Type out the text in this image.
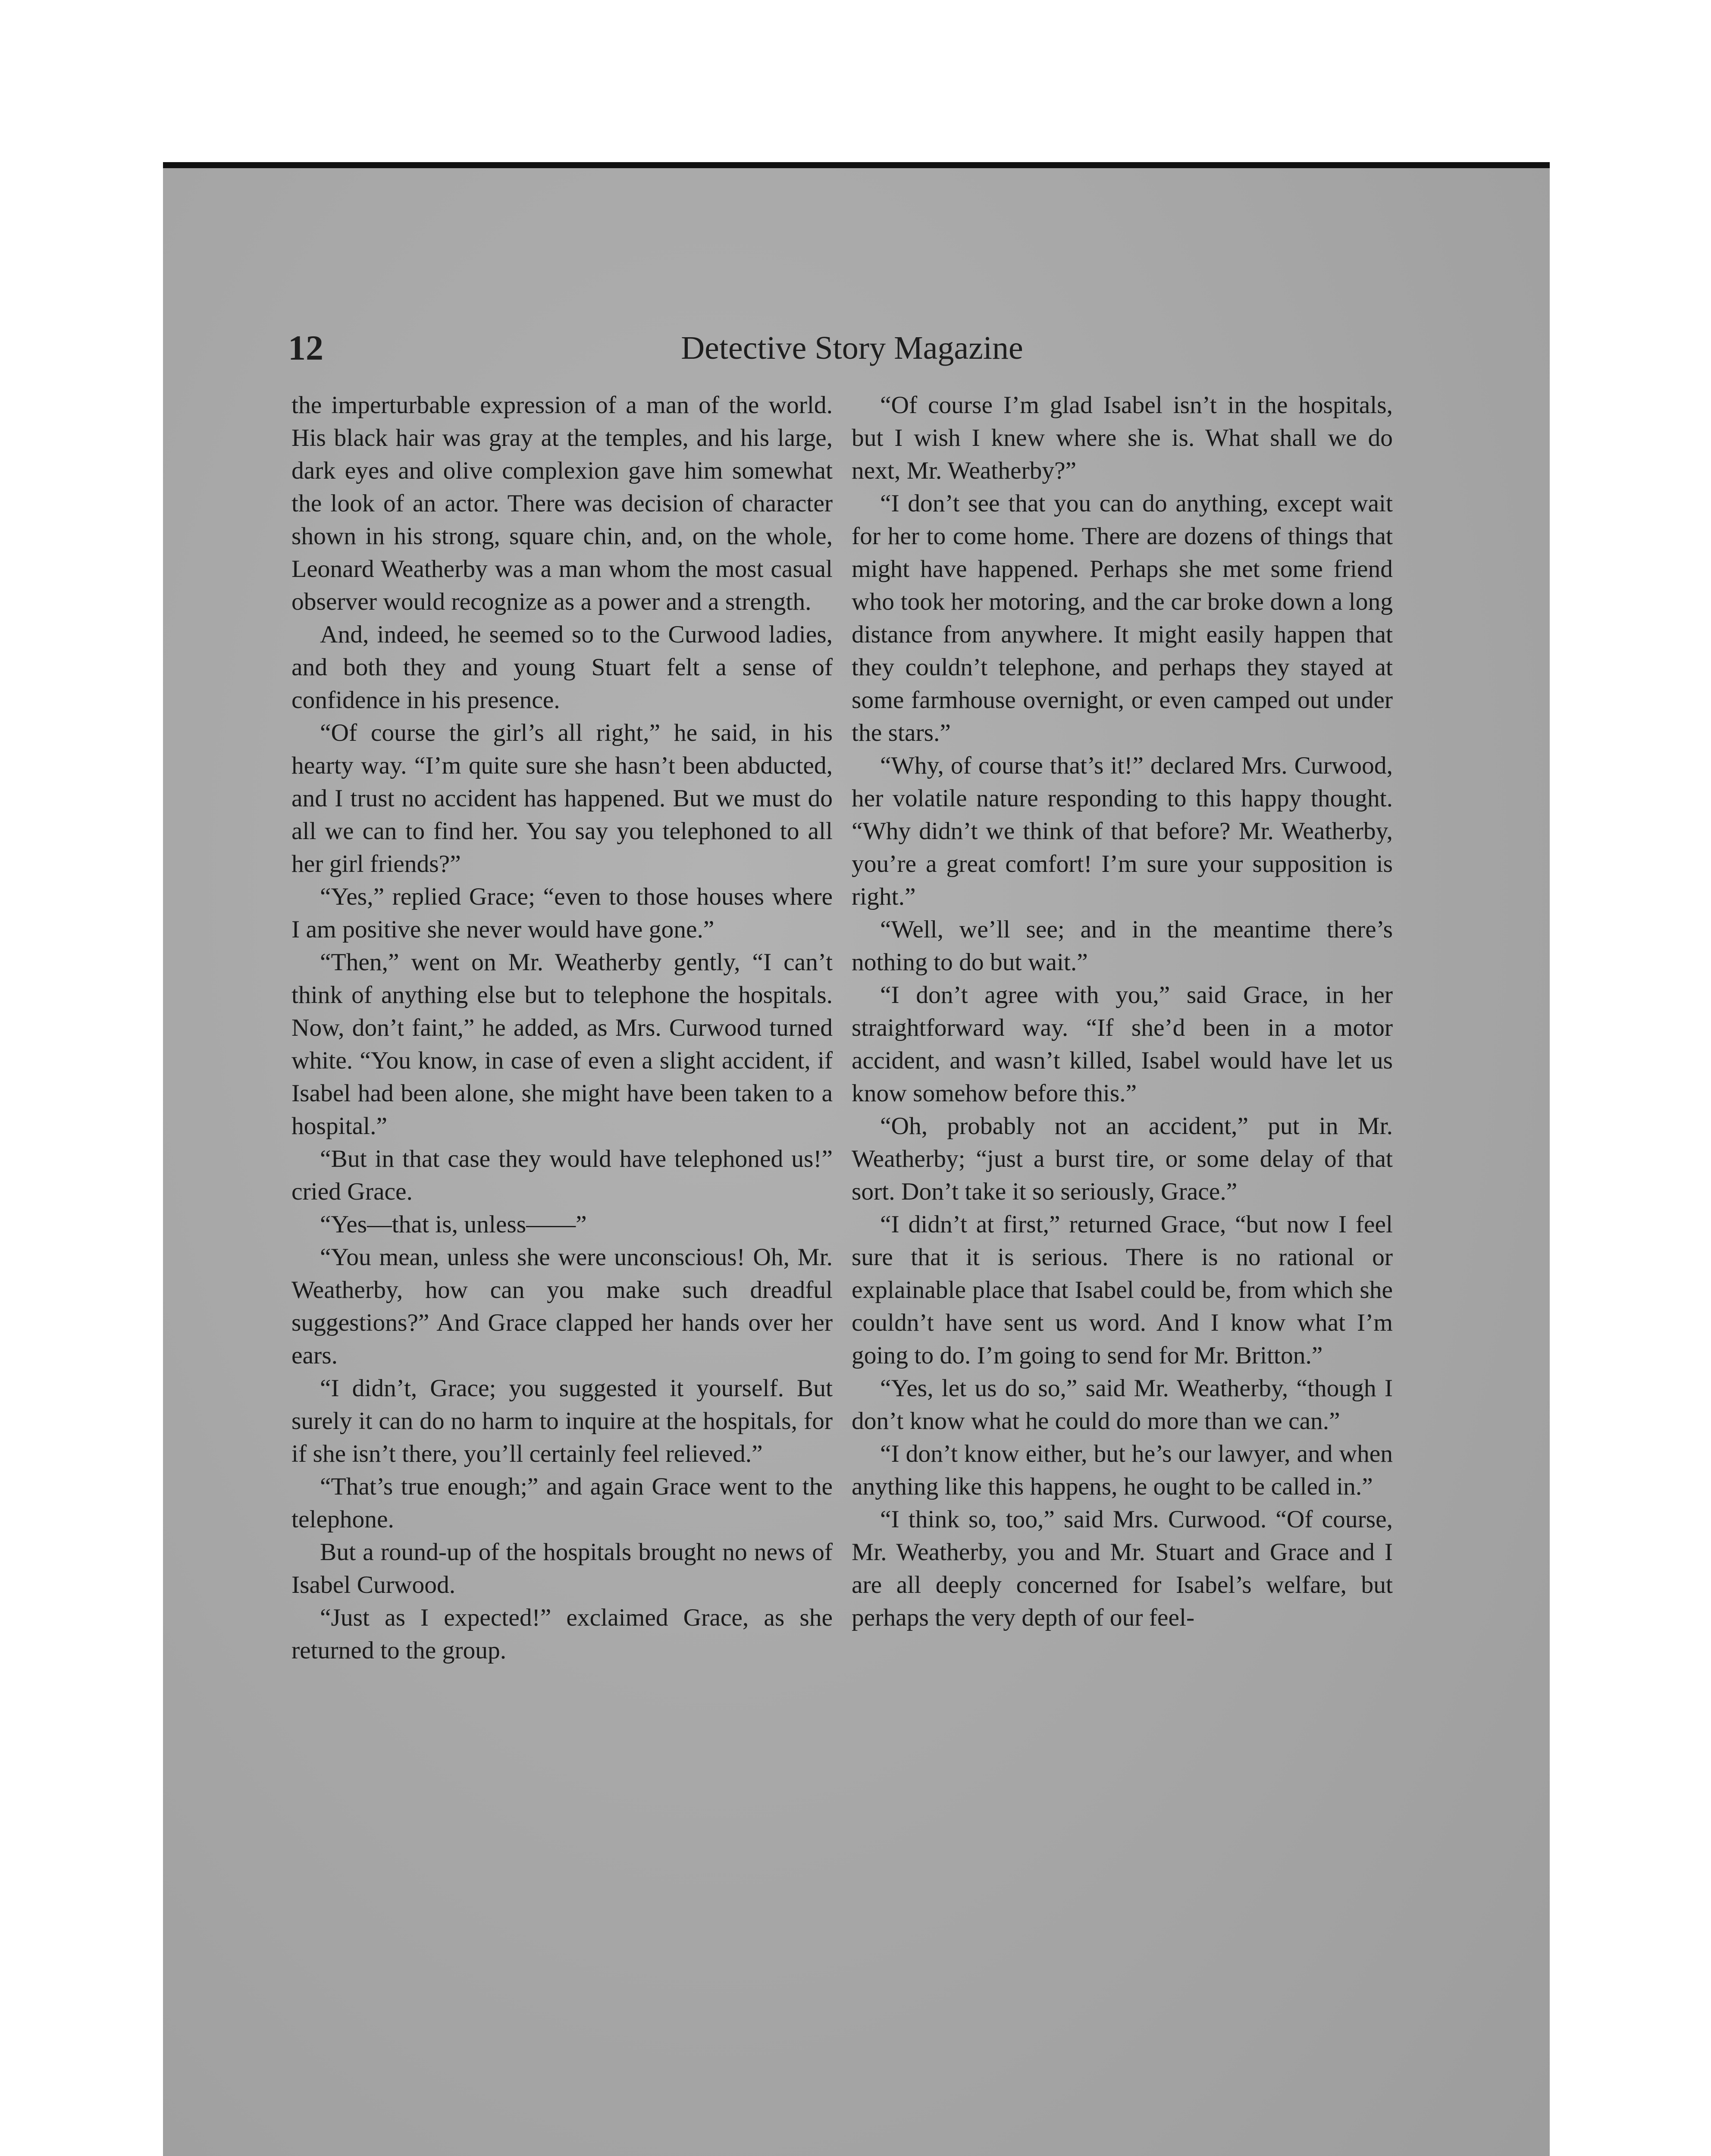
12	Detective Story Magazine

the imperturbable expression of a man of the world. His black hair was gray at the temples, and his large, dark eyes and olive complexion gave him somewhat the look of an actor. There was decision of character shown in his strong, square chin, and, on the whole, Leonard Weatherby was a man whom the most casual observer would recognize as a power and a strength.

And, indeed, he seemed so to the Curwood ladies, and both they and young Stuart felt a sense of confidence in his presence.

“Of course the girl’s all right,” he said, in his hearty way. “I’m quite sure she hasn’t been abducted, and I trust no accident has happened. But we must do all we can to find her. You say you telephoned to all her girl friends?”

“Yes,” replied Grace; “even to those houses where I am positive she never would have gone.”

“Then,” went on Mr. Weatherby gently, “I can’t think of anything else but to telephone the hospitals. Now, don’t faint,” he added, as Mrs. Curwood turned white. “You know, in case of even a slight accident, if Isabel had been alone, she might have been taken to a hospital.”

“But in that case they would have telephoned us!” cried Grace.

“Yes—that is, unless——”

“You mean, unless she were unconscious! Oh, Mr. Weatherby, how can you make such dreadful suggestions?” And Grace clapped her hands over her ears.

“I didn’t, Grace; you suggested it yourself. But surely it can do no harm to inquire at the hospitals, for if she isn’t there, you’ll certainly feel relieved.”

“That’s true enough;” and again Grace went to the telephone.

But a round-up of the hospitals brought no news of Isabel Curwood.

“Just as I expected!” exclaimed Grace, as she returned to the group.

“Of course I’m glad Isabel isn’t in the hospitals, but I wish I knew where she is. What shall we do next, Mr. Weatherby?”

“I don’t see that you can do anything, except wait for her to come home. There are dozens of things that might have happened. Perhaps she met some friend who took her motoring, and the car broke down a long distance from anywhere. It might easily happen that they couldn’t telephone, and perhaps they stayed at some farmhouse overnight, or even camped out under the stars.”

“Why, of course that’s it!” declared Mrs. Curwood, her volatile nature responding to this happy thought. “Why didn’t we think of that before? Mr. Weatherby, you’re a great comfort! I’m sure your supposition is right.”

“Well, we’ll see; and in the meantime there’s nothing to do but wait.”

“I don’t agree with you,” said Grace, in her straightforward way. “If she’d been in a motor accident, and wasn’t killed, Isabel would have let us know somehow before this.”

“Oh, probably not an accident,” put in Mr. Weatherby; “just a burst tire, or some delay of that sort. Don’t take it so seriously, Grace.”

“I didn’t at first,” returned Grace, “but now I feel sure that it is serious. There is no rational or explainable place that Isabel could be, from which she couldn’t have sent us word. And I know what I’m going to do. I’m going to send for Mr. Britton.”

“Yes, let us do so,” said Mr. Weatherby, “though I don’t know what he could do more than we can.”

“I don’t know either, but he’s our lawyer, and when anything like this happens, he ought to be called in.”

“I think so, too,” said Mrs. Curwood. “Of course, Mr. Weatherby, you and Mr. Stuart and Grace and I are all deeply concerned for Isabel’s welfare, but perhaps the very depth of our feel-
